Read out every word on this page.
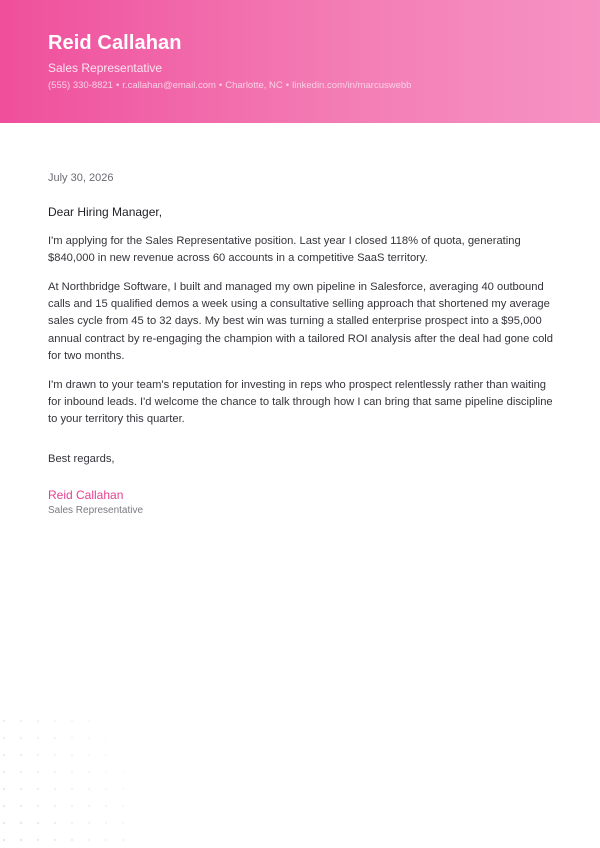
Reid Callahan
Sales Representative
(555) 330-8821 • r.callahan@email.com • Charlotte, NC • linkedin.com/in/marcuswebb
July 30, 2026
Dear Hiring Manager,
I'm applying for the Sales Representative position. Last year I closed 118% of quota, generating $840,000 in new revenue across 60 accounts in a competitive SaaS territory.
At Northbridge Software, I built and managed my own pipeline in Salesforce, averaging 40 outbound calls and 15 qualified demos a week using a consultative selling approach that shortened my average sales cycle from 45 to 32 days. My best win was turning a stalled enterprise prospect into a $95,000 annual contract by re-engaging the champion with a tailored ROI analysis after the deal had gone cold for two months.
I'm drawn to your team's reputation for investing in reps who prospect relentlessly rather than waiting for inbound leads. I'd welcome the chance to talk through how I can bring that same pipeline discipline to your territory this quarter.
Best regards,
Reid Callahan
Sales Representative
